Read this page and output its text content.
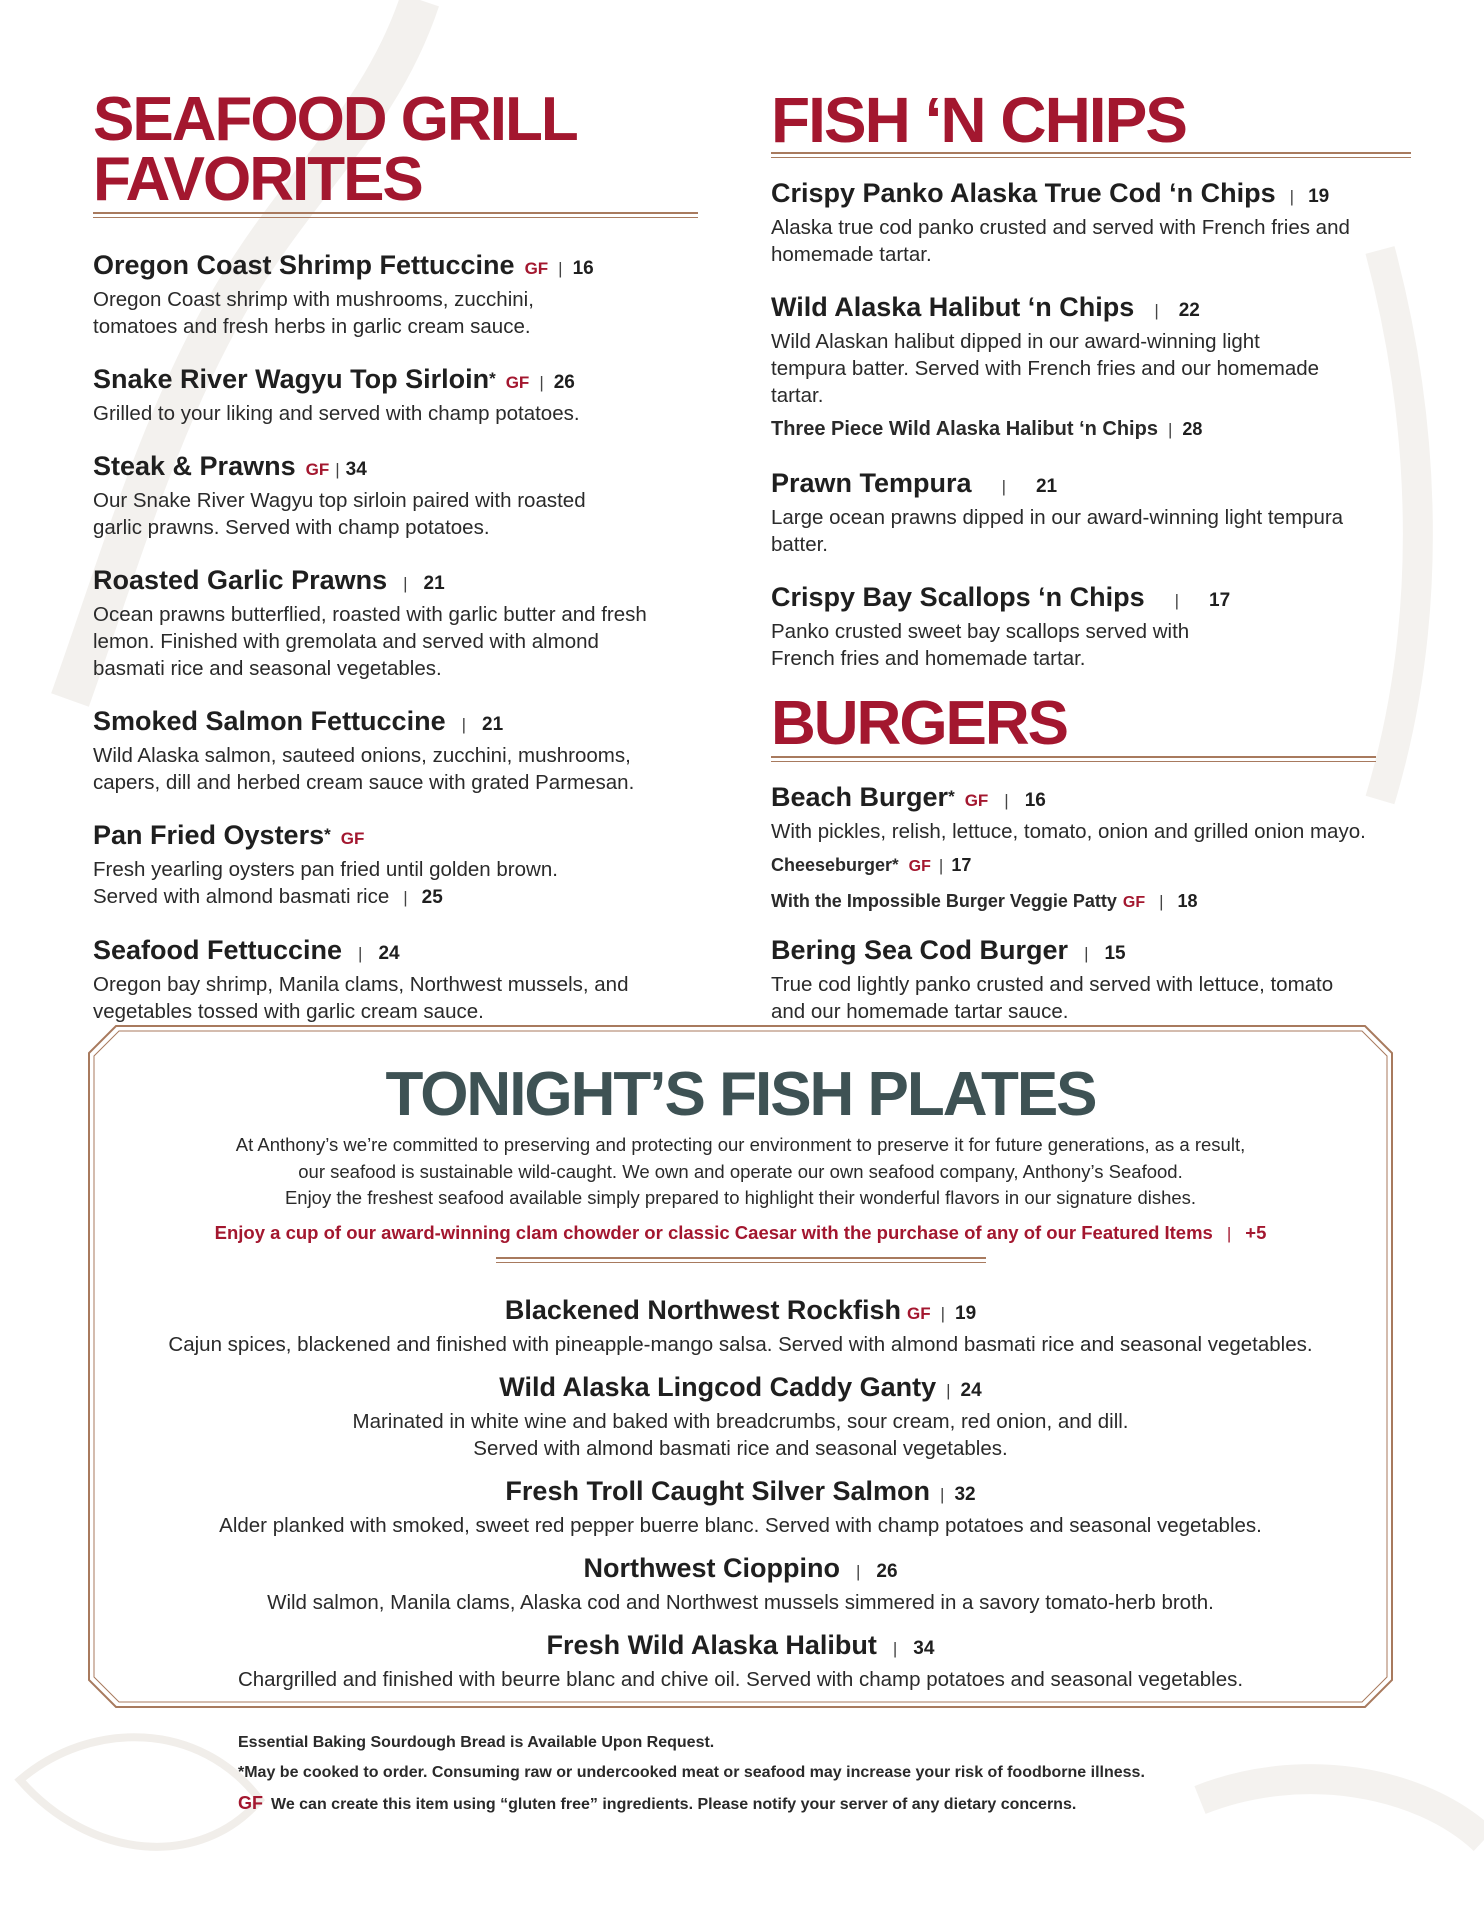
SEAFOOD GRILL
FAVORITES
Oregon Coast Shrimp Fettuccine GF | 16
Oregon Coast shrimp with mushrooms, zucchini, tomatoes and fresh herbs in garlic cream sauce.
Snake River Wagyu Top Sirloin* GF | 26
Grilled to your liking and served with champ potatoes.
Steak & Prawns GF | 34
Our Snake River Wagyu top sirloin paired with roasted garlic prawns. Served with champ potatoes.
Roasted Garlic Prawns | 21
Ocean prawns butterflied, roasted with garlic butter and fresh lemon. Finished with gremolata and served with almond basmati rice and seasonal vegetables.
Smoked Salmon Fettuccine | 21
Wild Alaska salmon, sauteed onions, zucchini, mushrooms, capers, dill and herbed cream sauce with grated Parmesan.
Pan Fried Oysters* GF
Fresh yearling oysters pan fried until golden brown.
Served with almond basmati rice | 25
Seafood Fettuccine | 24
Oregon bay shrimp, Manila clams, Northwest mussels, and vegetables tossed with garlic cream sauce.
FISH ‘N CHIPS
Crispy Panko Alaska True Cod ‘n Chips | 19
Alaska true cod panko crusted and served with French fries and homemade tartar.
Wild Alaska Halibut ‘n Chips | 22
Wild Alaskan halibut dipped in our award-winning light tempura batter. Served with French fries and our homemade tartar.
Three Piece Wild Alaska Halibut ‘n Chips | 28
Prawn Tempura | 21
Large ocean prawns dipped in our award-winning light tempura batter.
Crispy Bay Scallops ‘n Chips | 17
Panko crusted sweet bay scallops served with French fries and homemade tartar.
BURGERS
Beach Burger* GF | 16
With pickles, relish, lettuce, tomato, onion and grilled onion mayo.
Cheeseburger* GF | 17
With the Impossible Burger Veggie Patty GF | 18
Bering Sea Cod Burger | 15
True cod lightly panko crusted and served with lettuce, tomato and our homemade tartar sauce.
TONIGHT’S FISH PLATES
At Anthony’s we’re committed to preserving and protecting our environment to preserve it for future generations, as a result,
our seafood is sustainable wild-caught. We own and operate our own seafood company, Anthony’s Seafood.
Enjoy the freshest seafood available simply prepared to highlight their wonderful flavors in our signature dishes.
Enjoy a cup of our award-winning clam chowder or classic Caesar with the purchase of any of our Featured Items | +5
Blackened Northwest Rockfish GF | 19
Cajun spices, blackened and finished with pineapple-mango salsa. Served with almond basmati rice and seasonal vegetables.
Wild Alaska Lingcod Caddy Ganty | 24
Marinated in white wine and baked with breadcrumbs, sour cream, red onion, and dill.
Served with almond basmati rice and seasonal vegetables.
Fresh Troll Caught Silver Salmon | 32
Alder planked with smoked, sweet red pepper buerre blanc. Served with champ potatoes and seasonal vegetables.
Northwest Cioppino | 26
Wild salmon, Manila clams, Alaska cod and Northwest mussels simmered in a savory tomato-herb broth.
Fresh Wild Alaska Halibut | 34
Chargrilled and finished with beurre blanc and chive oil. Served with champ potatoes and seasonal vegetables.
Essential Baking Sourdough Bread is Available Upon Request.
*May be cooked to order. Consuming raw or undercooked meat or seafood may increase your risk of foodborne illness.
GF We can create this item using “gluten free” ingredients. Please notify your server of any dietary concerns.
